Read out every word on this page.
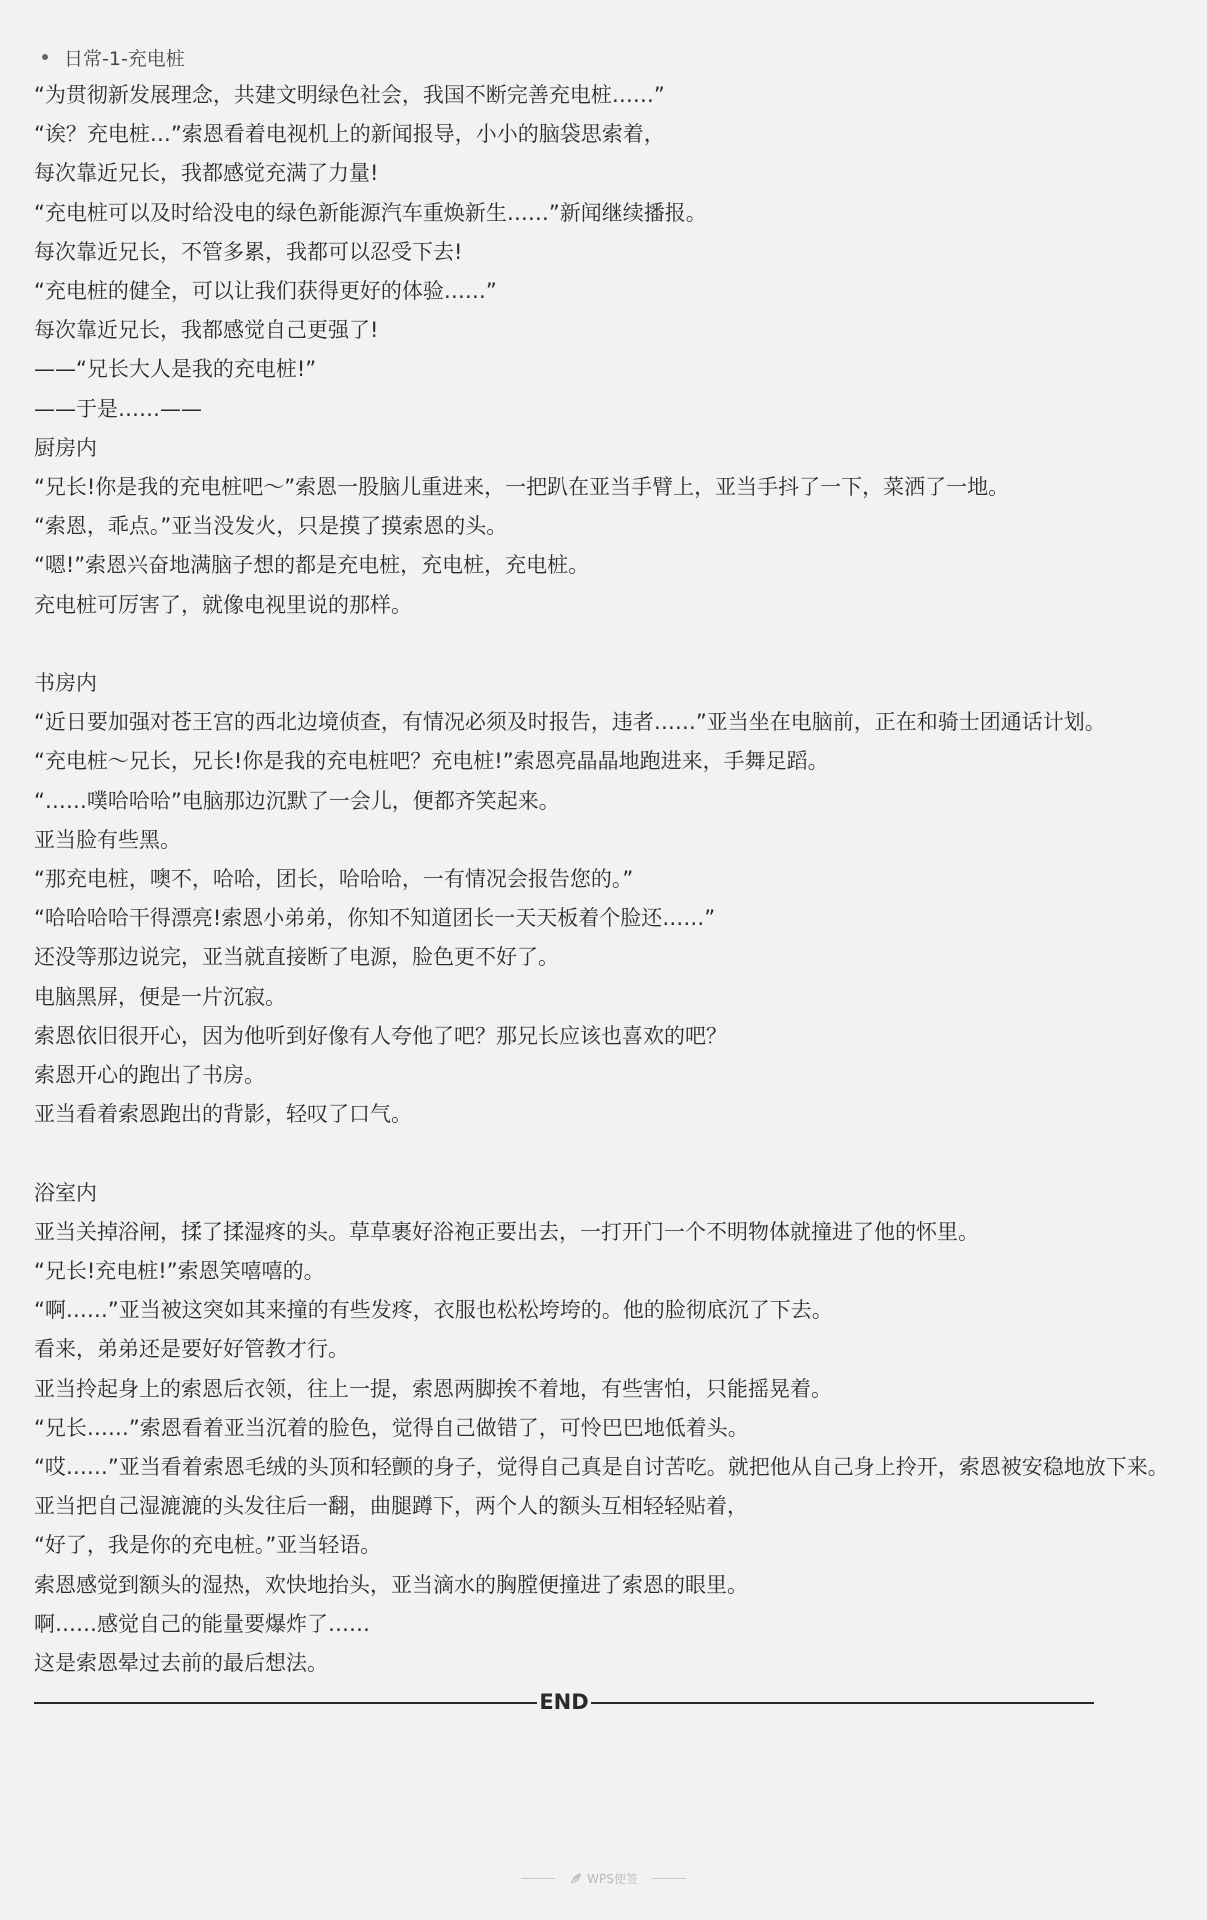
日常-1-充电桩
“为贯彻新发展理念，共建文明绿色社会，我国不断完善充电桩……”
“诶？充电桩…”索恩看着电视机上的新闻报导，小小的脑袋思索着，
每次靠近兄长，我都感觉充满了力量!
“充电桩可以及时给没电的绿色新能源汽车重焕新生……”新闻继续播报。
每次靠近兄长，不管多累，我都可以忍受下去!
“充电桩的健全，可以让我们获得更好的体验……”
每次靠近兄长，我都感觉自己更强了!
——“兄长大人是我的充电桩!”
——于是……——
厨房内
“兄长!你是我的充电桩吧～”索恩一股脑儿重进来，一把趴在亚当手臂上，亚当手抖了一下，菜洒了一地。
“索恩，乖点。”亚当没发火，只是摸了摸索恩的头。
“嗯!”索恩兴奋地满脑子想的都是充电桩，充电桩，充电桩。
充电桩可厉害了，就像电视里说的那样。
书房内
“近日要加强对苍王宫的西北边境侦查，有情况必须及时报告，违者……”亚当坐在电脑前，正在和骑士团通话计划。
“充电桩～兄长，兄长!你是我的充电桩吧？充电桩!”索恩亮晶晶地跑进来，手舞足蹈。
“……噗哈哈哈”电脑那边沉默了一会儿，便都齐笑起来。
亚当脸有些黑。
“那充电桩，噢不，哈哈，团长，哈哈哈，一有情况会报告您的。”
“哈哈哈哈干得漂亮!索恩小弟弟，你知不知道团长一天天板着个脸还……”
还没等那边说完，亚当就直接断了电源，脸色更不好了。
电脑黑屏，便是一片沉寂。
索恩依旧很开心，因为他听到好像有人夸他了吧？那兄长应该也喜欢的吧？
索恩开心的跑出了书房。
亚当看着索恩跑出的背影，轻叹了口气。
浴室内
亚当关掉浴闸，揉了揉湿疼的头。草草裹好浴袍正要出去，一打开门一个不明物体就撞进了他的怀里。
“兄长!充电桩!”索恩笑嘻嘻的。
“啊……”亚当被这突如其来撞的有些发疼，衣服也松松垮垮的。他的脸彻底沉了下去。
看来，弟弟还是要好好管教才行。
亚当拎起身上的索恩后衣领，往上一提，索恩两脚挨不着地，有些害怕，只能摇晃着。
“兄长……”索恩看着亚当沉着的脸色，觉得自己做错了，可怜巴巴地低着头。
“哎……”亚当看着索恩毛绒的头顶和轻颤的身子，觉得自己真是自讨苦吃。就把他从自己身上拎开，索恩被安稳地放下来。亚当把自己湿漉漉的头发往后一翻，曲腿蹲下，两个人的额头互相轻轻贴着，
“好了，我是你的充电桩。”亚当轻语。
索恩感觉到额头的湿热，欢快地抬头，亚当滴水的胸膛便撞进了索恩的眼里。
啊……感觉自己的能量要爆炸了……
这是索恩晕过去前的最后想法。
END
WPS便签
